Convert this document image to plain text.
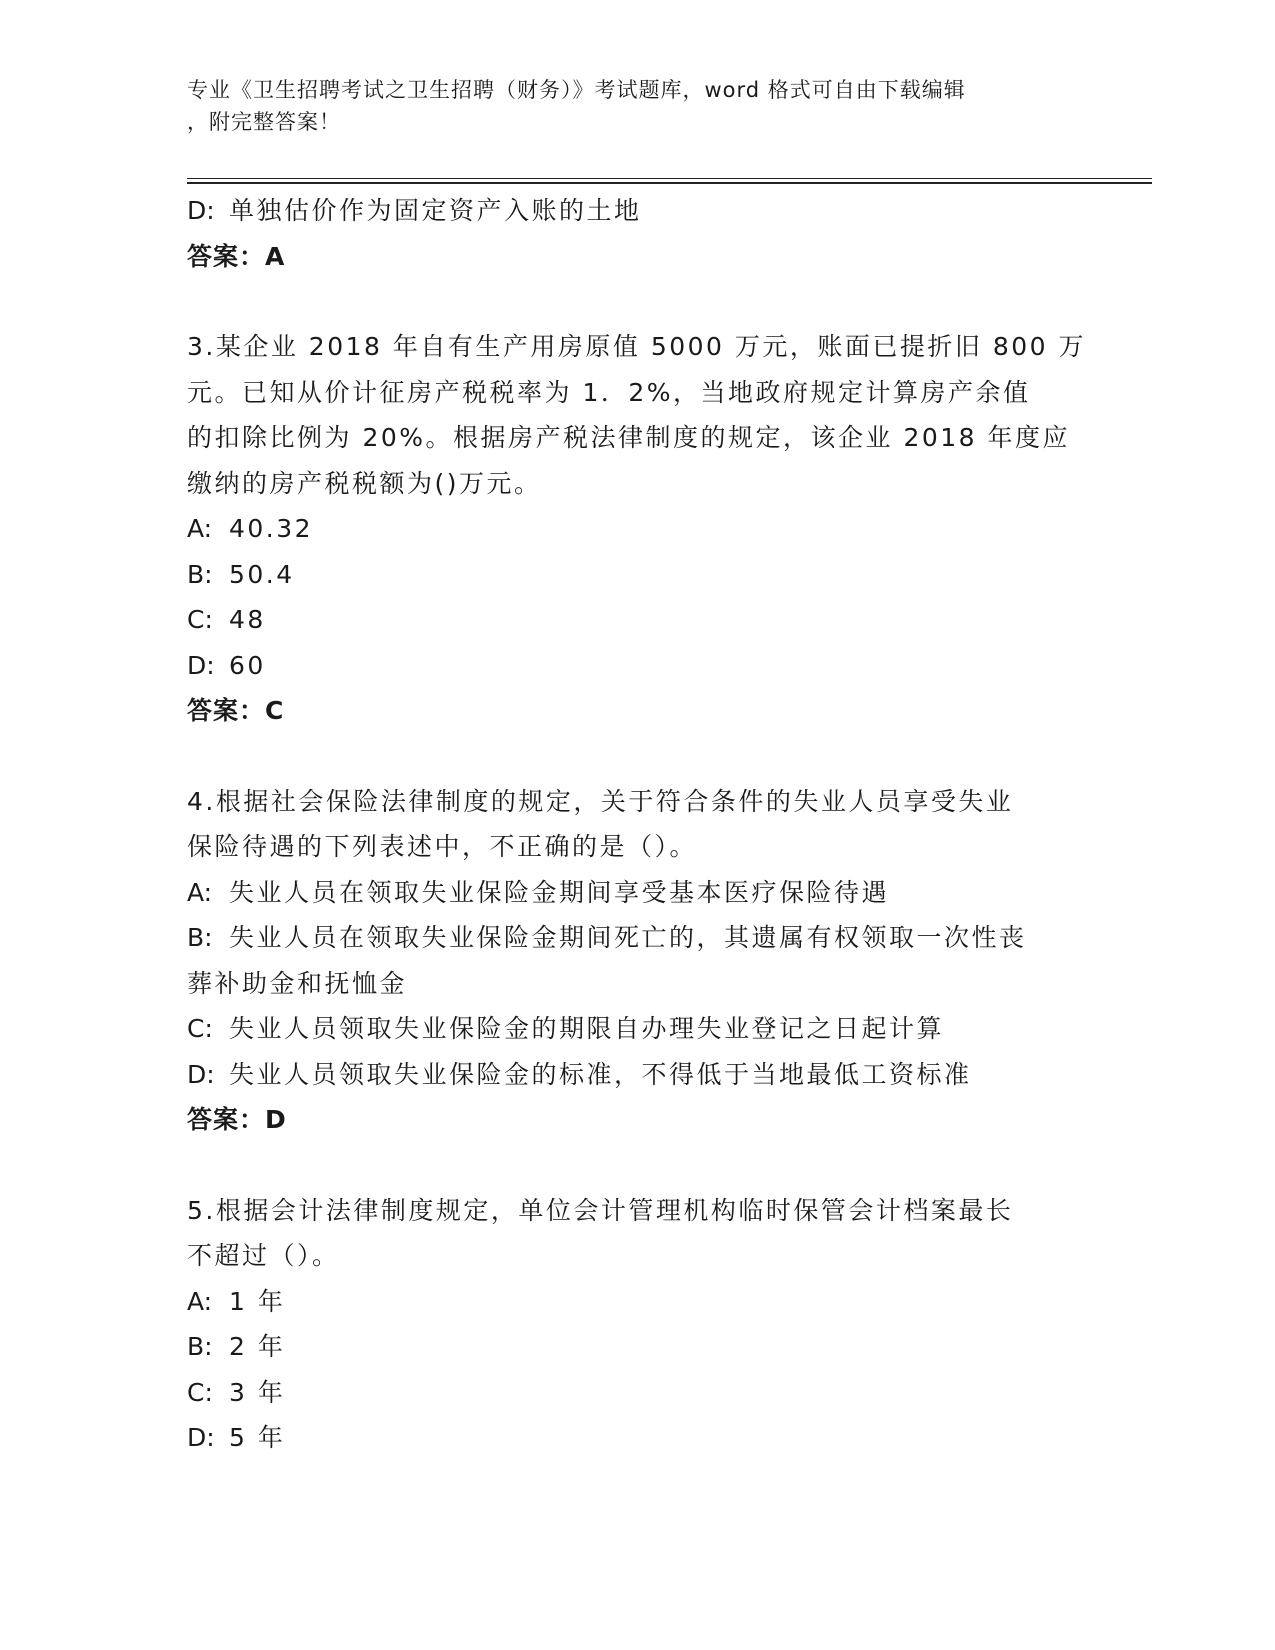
专业《卫生招聘考试之卫生招聘（财务）》考试题库，word 格式可自由下载编辑
，附完整答案！
D: 单独估价作为固定资产入账的土地
答案：A
3.某企业 2018 年自有生产用房原值 5000 万元，账面已提折旧 800 万
元。已知从价计征房产税税率为 1．2%，当地政府规定计算房产余值
的扣除比例为 20%。根据房产税法律制度的规定，该企业 2018 年度应
缴纳的房产税税额为()万元。
A: 40.32
B: 50.4
C: 48
D: 60
答案：C
4.根据社会保险法律制度的规定，关于符合条件的失业人员享受失业
保险待遇的下列表述中，不正确的是（）。
A: 失业人员在领取失业保险金期间享受基本医疗保险待遇
B: 失业人员在领取失业保险金期间死亡的，其遗属有权领取一次性丧
葬补助金和抚恤金
C: 失业人员领取失业保险金的期限自办理失业登记之日起计算
D: 失业人员领取失业保险金的标准，不得低于当地最低工资标准
答案：D
5.根据会计法律制度规定，单位会计管理机构临时保管会计档案最长
不超过（）。
A: 1 年
B: 2 年
C: 3 年
D: 5 年
